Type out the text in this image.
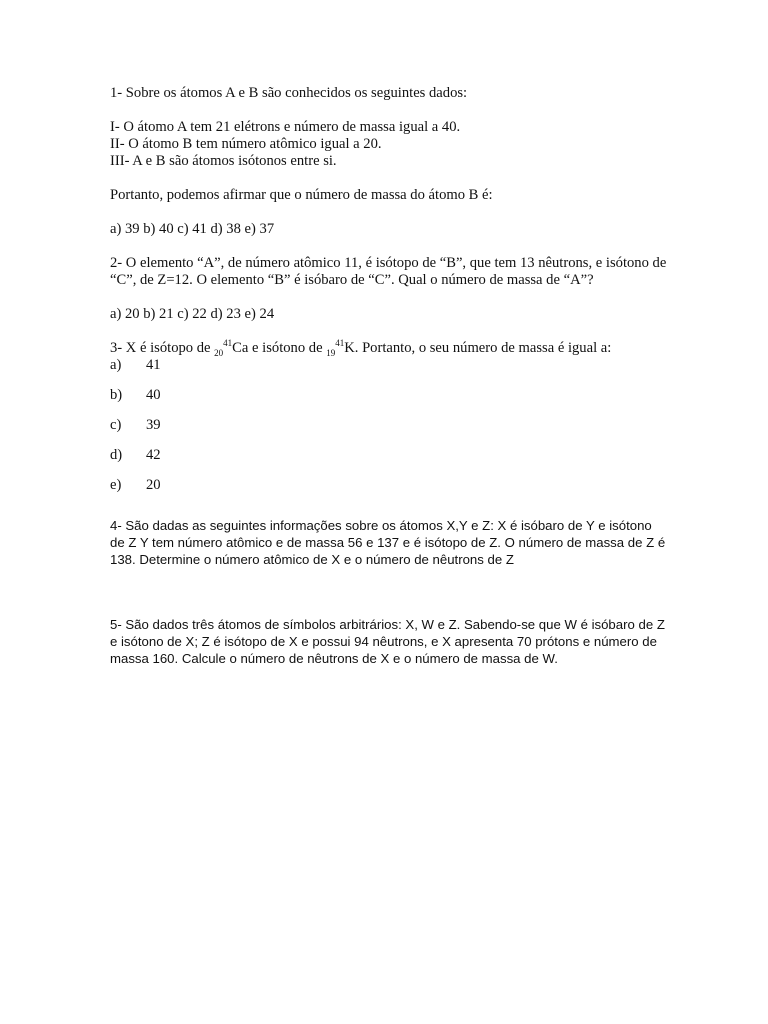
1- Sobre os átomos A e B são conhecidos os seguintes dados:

I- O átomo A tem 21 elétrons e número de massa igual a 40.

II- O átomo B tem número atômico igual a 20.

III- A e B são átomos isótonos entre si.

Portanto, podemos afirmar que o número de massa do átomo B é:

a) 39 b) 40 c) 41 d) 38 e) 37

2- O elemento “A”, de número atômico 11, é isótopo de “B”, que tem 13 nêutrons, e isótono de “C”, de Z=12. O elemento “B” é isóbaro de “C”. Qual o número de massa de “A”?

a) 20 b) 21 c) 22 d) 23 e) 24

3- X é isótopo de $_{20}^{41}$Ca e isótono de $_{19}^{41}$K. Portanto, o seu número de massa é igual a:

a)	41
b)	40
c)	39
d)	42
e)	20

4- São dadas as seguintes informações sobre os átomos X,Y e Z: X é isóbaro de Y e isótono de Z Y tem número atômico e de massa 56 e 137 e é isótopo de Z. O número de massa de Z é 138. Determine o número atômico de X e o número de nêutrons de Z

5- São dados três átomos de símbolos arbitrários: X, W e Z. Sabendo-se que W é isóbaro de Z e isótono de X; Z é isótopo de X e possui 94 nêutrons, e X apresenta 70 prótons e número de massa 160. Calcule o número de nêutrons de X e o número de massa de W.
